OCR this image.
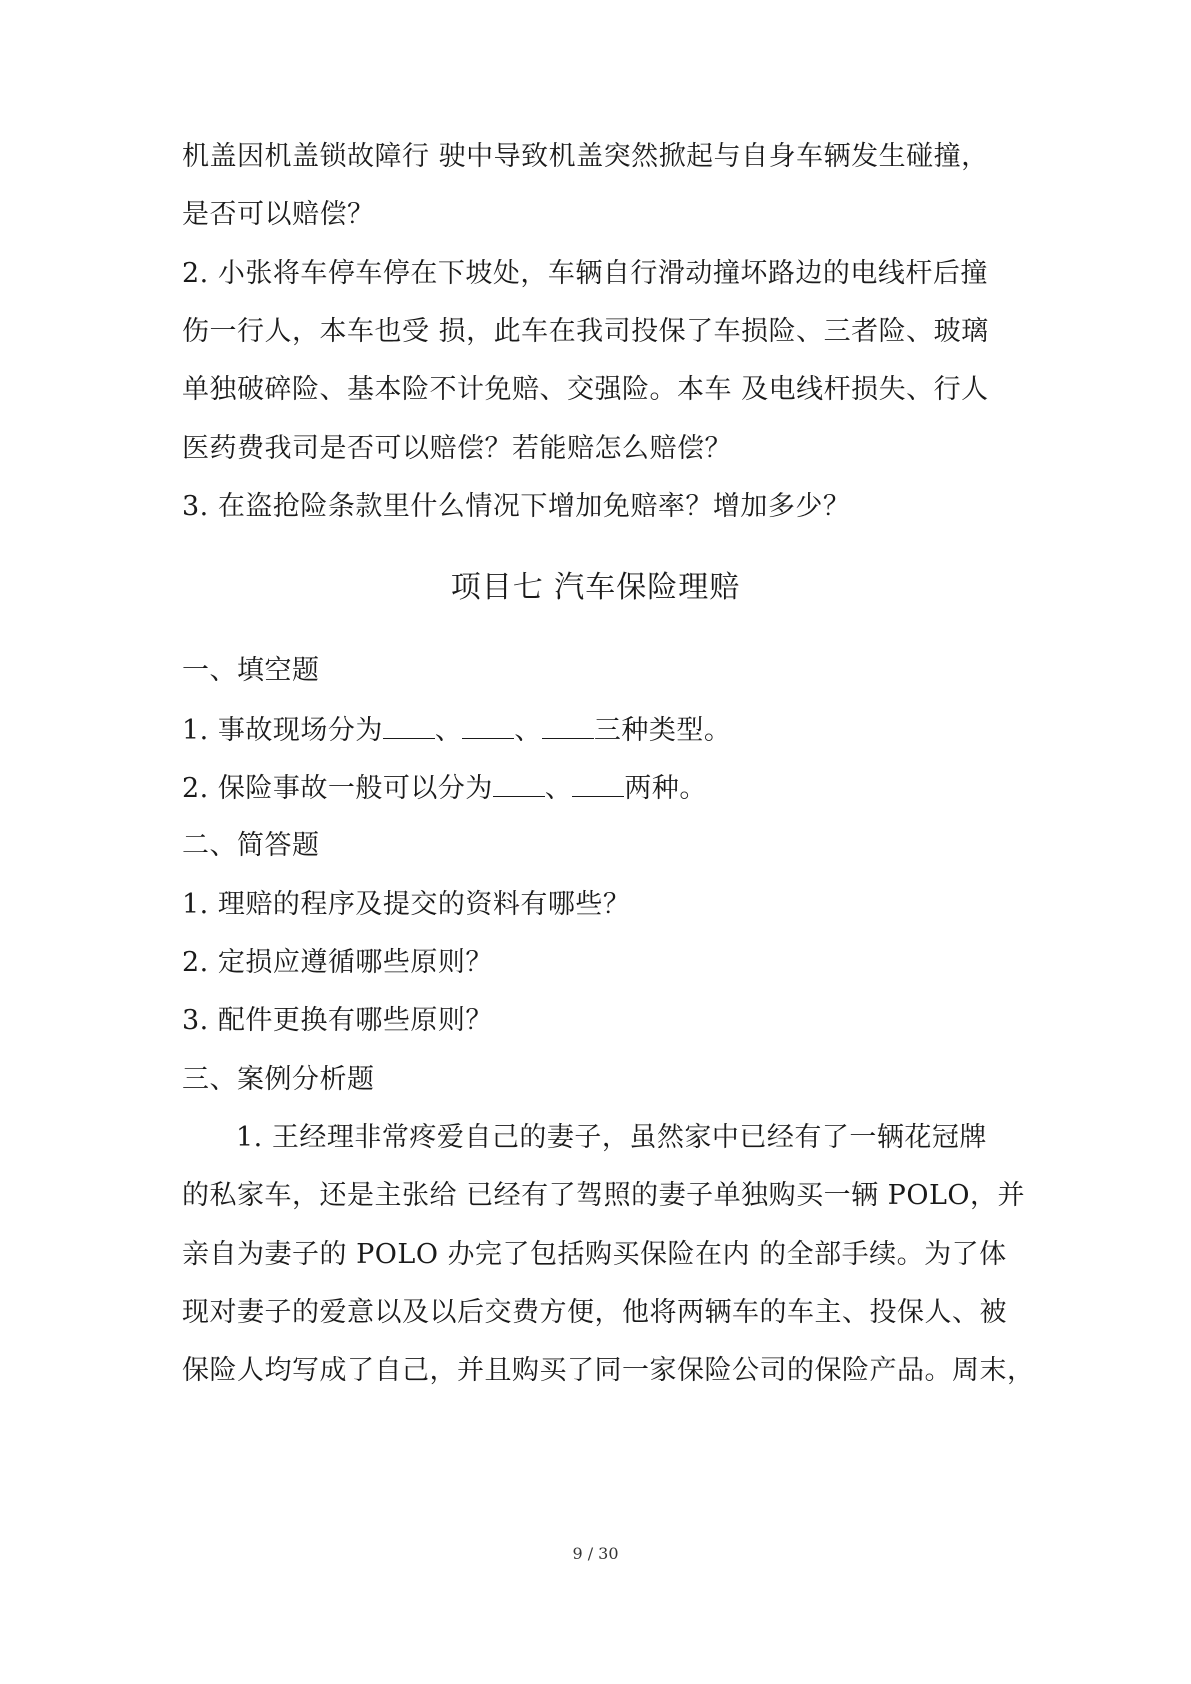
机盖因机盖锁故障行 驶中导致机盖突然掀起与自身车辆发生碰撞，
是否可以赔偿？
2. 小张将车停车停在下坡处，车辆自行滑动撞坏路边的电线杆后撞
伤一行人，本车也受 损，此车在我司投保了车损险、三者险、玻璃
单独破碎险、基本险不计免赔、交强险。本车 及电线杆损失、行人
医药费我司是否可以赔偿？若能赔怎么赔偿？
3. 在盗抢险条款里什么情况下增加免赔率？增加多少？
项目七 汽车保险理赔
一、填空题
1. 事故现场分为 、 、 三种类型。
2. 保险事故一般可以分为 、 两种。
二、简答题
1. 理赔的程序及提交的资料有哪些？
2. 定损应遵循哪些原则？
3. 配件更换有哪些原则？
三、案例分析题
1. 王经理非常疼爱自己的妻子，虽然家中已经有了一辆花冠牌
的私家车，还是主张给 已经有了驾照的妻子单独购买一辆 POLO，并
亲自为妻子的 POLO 办完了包括购买保险在内 的全部手续。为了体
现对妻子的爱意以及以后交费方便，他将两辆车的车主、投保人、被
保险人均写成了自己，并且购买了同一家保险公司的保险产品。周末，
9 / 30
